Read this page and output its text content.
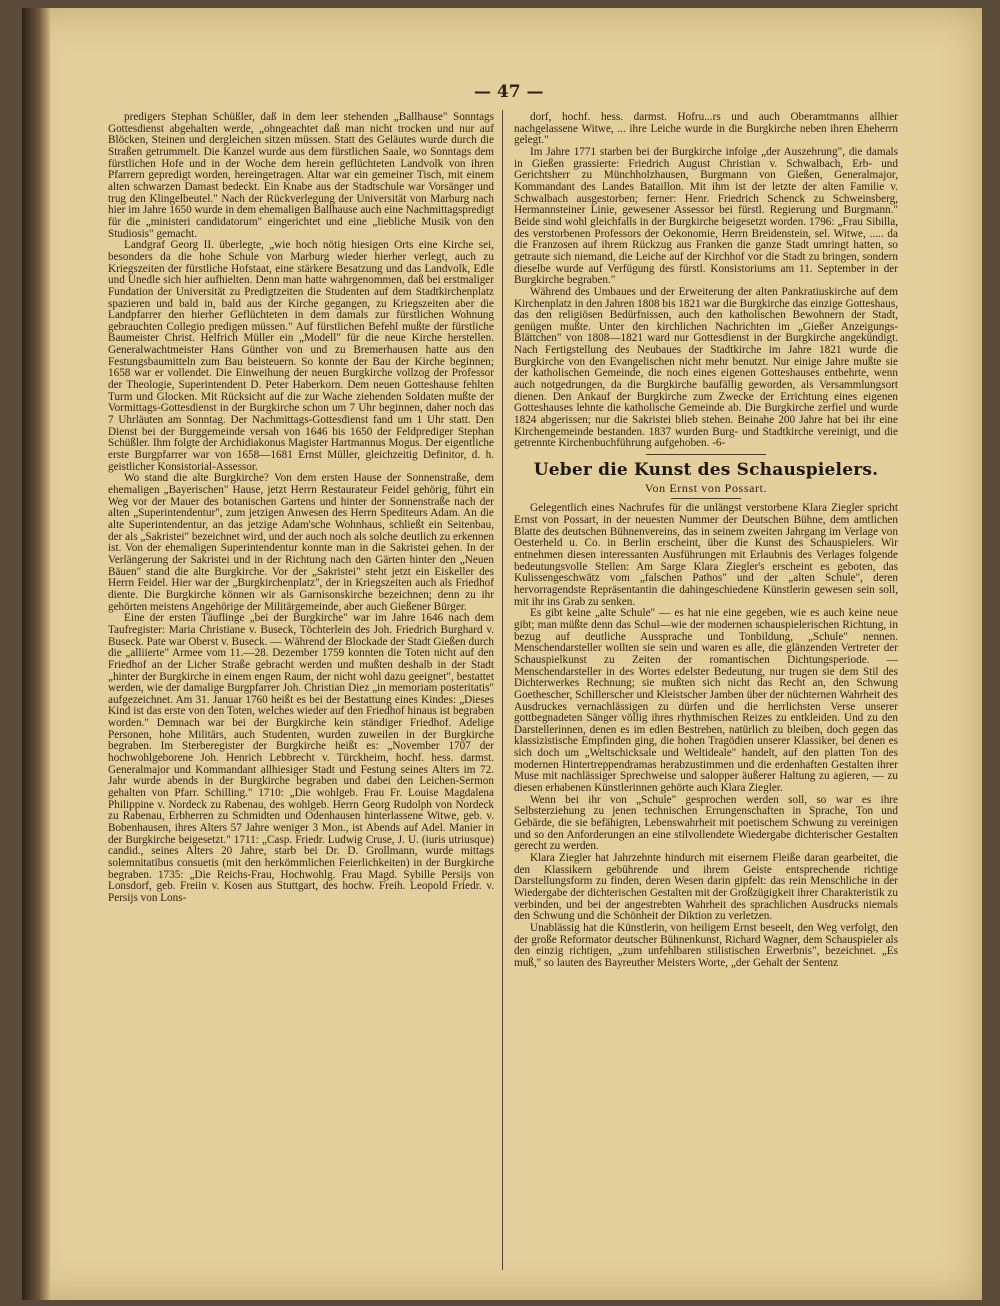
— 47 —

predigers Stephan Schüßler, daß in dem leer stehenden „Ballhause" Sonntags Gottesdienst abgehalten werde, „ohngeachtet daß man nicht trocken und nur auf Blöcken, Steinen und dergleichen sitzen müssen. Statt des Geläutes wurde durch die Straßen getrummelt. Die Kanzel wurde aus dem fürstlichen Saale, wo Sonntags dem fürstlichen Hofe und in der Woche dem herein geflüchteten Landvolk von ihren Pfarrern gepredigt worden, hereingetragen. Altar war ein gemeiner Tisch, mit einem alten schwarzen Damast bedeckt. Ein Knabe aus der Stadtschule war Vorsänger und trug den Klingelbeutel." Nach der Rückverlegung der Universität von Marburg nach hier im Jahre 1650 wurde in dem ehemaligen Ballhause auch eine Nachmittagspredigt für die „ministeri candidatorum" eingerichtet und eine „liebliche Musik von den Studiosis" gemacht.

Landgraf Georg II. überlegte, „wie hoch nötig hiesigen Orts eine Kirche sei, besonders da die hohe Schule von Marburg wieder hierher verlegt, auch zu Kriegszeiten der fürstliche Hofstaat, eine stärkere Besatzung und das Landvolk, Edle und Unedle sich hier aufhielten. Denn man hatte wahrgenommen, daß bei erstmaliger Fundation der Universität zu Predigtzeiten die Studenten auf dem Stadtkirchenplatz spazieren und bald in, bald aus der Kirche gegangen, zu Kriegszeiten aber die Landpfarrer den hierher Geflüchteten in dem damals zur fürstlichen Wohnung gebrauchten Collegio predigen müssen." Auf fürstlichen Befehl mußte der fürstliche Baumeister Christ. Helfrich Müller ein „Modell" für die neue Kirche herstellen. Generalwachtmeister Hans Günther von und zu Bremerhausen hatte aus den Festungsbaumitteln zum Bau beisteuern. So konnte der Bau der Kirche beginnen; 1658 war er vollendet. Die Einweihung der neuen Burgkirche vollzog der Professor der Theologie, Superintendent D. Peter Haberkorn. Dem neuen Gotteshause fehlten Turm und Glocken. Mit Rücksicht auf die zur Wache ziehenden Soldaten mußte der Vormittags-Gottesdienst in der Burgkirche schon um 7 Uhr beginnen, daher noch das 7 Uhrläuten am Sonntag. Der Nachmittags-Gottesdienst fand um 1 Uhr statt. Den Dienst bei der Burggemeinde versah von 1646 bis 1650 der Feldprediger Stephan Schüßler. Ihm folgte der Archidiakonus Magister Hartmannus Mogus. Der eigentliche erste Burgpfarrer war von 1658—1681 Ernst Müller, gleichzeitig Definitor, d. h. geistlicher Konsistorial-Assessor.

Wo stand die alte Burgkirche? Von dem ersten Hause der Sonnenstraße, dem ehemaligen „Bayerischen" Hause, jetzt Herrn Restaurateur Feidel gehörig, führt ein Weg vor der Mauer des botanischen Gartens und hinter der Sonnenstraße nach der alten „Superintendentur", zum jetzigen Anwesen des Herrn Spediteurs Adam. An die alte Superintendentur, an das jetzige Adam'sche Wohnhaus, schließt ein Seitenbau, der als „Sakristei" bezeichnet wird, und der auch noch als solche deutlich zu erkennen ist. Von der ehemaligen Superintendentur konnte man in die Sakristei gehen. In der Verlängerung der Sakristei und in der Richtung nach den Gärten hinter den „Neuen Bäuen" stand die alte Burgkirche. Vor der „Sakristei" steht jetzt ein Eiskeller des Herrn Feidel. Hier war der „Burgkirchenplatz", der in Kriegszeiten auch als Friedhof diente. Die Burgkirche können wir als Garnisonskirche bezeichnen; denn zu ihr gehörten meistens Angehörige der Militärgemeinde, aber auch Gießener Bürger.

Eine der ersten Täuflinge „bei der Burgkirche" war im Jahre 1646 nach dem Taufregister: Maria Christiane v. Buseck, Töchterlein des Joh. Friedrich Burghard v. Buseck. Pate war Oberst v. Buseck. — Während der Blockade der Stadt Gießen durch die „alliierte" Armee vom 11.—28. Dezember 1759 konnten die Toten nicht auf den Friedhof an der Licher Straße gebracht werden und mußten deshalb in der Stadt „hinter der Burgkirche in einem engen Raum, der nicht wohl dazu geeignet", bestattet werden, wie der damalige Burgpfarrer Joh. Christian Diez „in memoriam posteritatis" aufgezeichnet. Am 31. Januar 1760 heißt es bei der Bestattung eines Kindes: „Dieses Kind ist das erste von den Toten, welches wieder auf den Friedhof hinaus ist begraben worden." Demnach war bei der Burgkirche kein ständiger Friedhof. Adelige Personen, hohe Militärs, auch Studenten, wurden zuweilen in der Burgkirche begraben. Im Sterberegister der Burgkirche heißt es: „November 1707 der hochwohlgeborene Joh. Henrich Lebbrecht v. Türckheim, hochf. hess. darmst. Generalmajor und Kommandant allhiesiger Stadt und Festung seines Alters im 72. Jahr wurde abends in der Burgkirche begraben und dabei den Leichen-Sermon gehalten von Pfarr. Schilling." 1710: „Die wohlgeb. Frau Fr. Louise Magdalena Philippine v. Nordeck zu Rabenau, des wohlgeb. Herrn Georg Rudolph von Nordeck zu Rabenau, Erbherren zu Schmidten und Odenhausen hinterlassene Witwe, geb. v. Bobenhausen, ihres Alters 57 Jahre weniger 3 Mon., ist Abends auf Adel. Manier in der Burgkirche beigesetzt." 1711: „Casp. Friedr. Ludwig Cruse, J. U. (iuris utriusque) candid., seines Alters 20 Jahre, starb bei Dr. D. Grollmann, wurde mittags solemnitatibus consuetis (mit den herkömmlichen Feierlichkeiten) in der Burgkirche begraben. 1735: „Die Reichs-Frau, Hochwohlg. Frau Magd. Sybille Persijs von Lonsdorf, geb. Freiin v. Kosen aus Stuttgart, des hochw. Freih. Leopold Friedr. v. Persijs von Lons-

dorf, hochf. hess. darmst. Hofru...rs und auch Oberamtmanns allhier nachgelassene Witwe, ... ihre Leiche wurde in die Burgkirche neben ihren Eheherrn gelegt."

Im Jahre 1771 starben bei der Burgkirche infolge „der Auszehrung", die damals in Gießen grassierte: Friedrich August Christian v. Schwalbach, Erb- und Gerichtsherr zu Münchholzhausen, Burgmann von Gießen, Generalmajor, Kommandant des Landes Bataillon. Mit ihm ist der letzte der alten Familie v. Schwalbach ausgestorben; ferner: Henr. Friedrich Schenck zu Schweinsberg, Hermannsteiner Linie, gewesener Assessor bei fürstl. Regierung und Burgmann." Beide sind wohl gleichfalls in der Burgkirche beigesetzt worden. 1796: „Frau Sibilla, des verstorbenen Professors der Oekonomie, Herrn Breidenstein, sel. Witwe, ..... da die Franzosen auf ihrem Rückzug aus Franken die ganze Stadt umringt hatten, so getraute sich niemand, die Leiche auf der Kirchhof vor die Stadt zu bringen, sondern dieselbe wurde auf Verfügung des fürstl. Konsistoriums am 11. September in der Burgkirche begraben."

Während des Umbaues und der Erweiterung der alten Pankratiuskirche auf dem Kirchenplatz in den Jahren 1808 bis 1821 war die Burgkirche das einzige Gotteshaus, das den religiösen Bedürfnissen, auch den katholischen Bewohnern der Stadt, genügen mußte. Unter den kirchlichen Nachrichten im „Gießer Anzeigungs-Blättchen" von 1808—1821 ward nur Gottesdienst in der Burgkirche angekündigt. Nach Fertigstellung des Neubaues der Stadtkirche im Jahre 1821 wurde die Burgkirche von den Evangelischen nicht mehr benutzt. Nur einige Jahre mußte sie der katholischen Gemeinde, die noch eines eigenen Gotteshauses entbehrte, wenn auch notgedrungen, da die Burgkirche baufällig geworden, als Versammlungsort dienen. Den Ankauf der Burgkirche zum Zwecke der Errichtung eines eigenen Gotteshauses lehnte die katholische Gemeinde ab. Die Burgkirche zerfiel und wurde 1824 abgerissen; nur die Sakristei blieb stehen. Beinahe 200 Jahre hat bei ihr eine Kirchengemeinde bestanden. 1837 wurden Burg- und Stadtkirche vereinigt, und die getrennte Kirchenbuchführung aufgehoben. -6-

Ueber die Kunst des Schauspielers.
Von Ernst von Possart.

Gelegentlich eines Nachrufes für die unlängst verstorbene Klara Ziegler spricht Ernst von Possart, in der neuesten Nummer der Deutschen Bühne, dem amtlichen Blatte des deutschen Bühnenvereins, das in seinem zweiten Jahrgang im Verlage von Oesterheld u. Co. in Berlin erscheint, über die Kunst des Schauspielers. Wir entnehmen diesen interessanten Ausführungen mit Erlaubnis des Verlages folgende bedeutungsvolle Stellen: Am Sarge Klara Ziegler's erscheint es geboten, das Kulissengeschwätz vom „falschen Pathos" und der „alten Schule", deren hervorragendste Repräsentantin die dahingeschiedene Künstlerin gewesen sein soll, mit ihr ins Grab zu senken.

Es gibt keine „alte Schule" — es hat nie eine gegeben, wie es auch keine neue gibt; man müßte denn das Schul—wie der modernen schauspielerischen Richtung, in bezug auf deutliche Aussprache und Tonbildung, „Schule" nennen. Menschendarsteller wollten sie sein und waren es alle, die glänzenden Vertreter der Schauspielkunst zu Zeiten der romantischen Dichtungsperiode. — Menschendarsteller in des Wortes edelster Bedeutung, nur trugen sie dem Stil des Dichterwerkes Rechnung; sie mußten sich nicht das Recht an, den Schwung Goethescher, Schillerscher und Kleistscher Jamben über der nüchternen Wahrheit des Ausdruckes vernachlässigen zu dürfen und die herrlichsten Verse unserer gottbegnadeten Sänger völlig ihres rhythmischen Reizes zu entkleiden. Und zu den Darstellerinnen, denen es im edlen Bestreben, natürlich zu bleiben, doch gegen das klassizistische Empfinden ging, die hohen Tragödien unserer Klassiker, bei denen es sich doch um „Weltschicksale und Weltideale" handelt, auf den platten Ton des modernen Hintertreppendramas herabzustimmen und die erdenhaften Gestalten ihrer Muse mit nachlässiger Sprechweise und salopper äußerer Haltung zu agieren, — zu diesen erhabenen Künstlerinnen gehörte auch Klara Ziegler.

Wenn bei ihr von „Schule" gesprochen werden soll, so war es ihre Selbsterziehung zu jenen technischen Errungenschaften in Sprache, Ton und Gebärde, die sie befähigten, Lebenswahrheit mit poetischem Schwung zu vereinigen und so den Anforderungen an eine stilvollendete Wiedergabe dichterischer Gestalten gerecht zu werden.

Klara Ziegler hat Jahrzehnte hindurch mit eisernem Fleiße daran gearbeitet, die den Klassikern gebührende und ihrem Geiste entsprechende richtige Darstellungsform zu finden, deren Wesen darin gipfelt: das rein Menschliche in der Wiedergabe der dichterischen Gestalten mit der Großzügigkeit ihrer Charakteristik zu verbinden, und bei der angestrebten Wahrheit des sprachlichen Ausdrucks niemals den Schwung und die Schönheit der Diktion zu verletzen.

Unablässig hat die Künstlerin, von heiligem Ernst beseelt, den Weg verfolgt, den der große Reformator deutscher Bühnenkunst, Richard Wagner, dem Schauspieler als den einzig richtigen, „zum unfehlbaren stilistischen Erwerbnis", bezeichnet. „Es muß," so lauten des Bayreuther Meisters Worte, „der Gehalt der Sentenz
